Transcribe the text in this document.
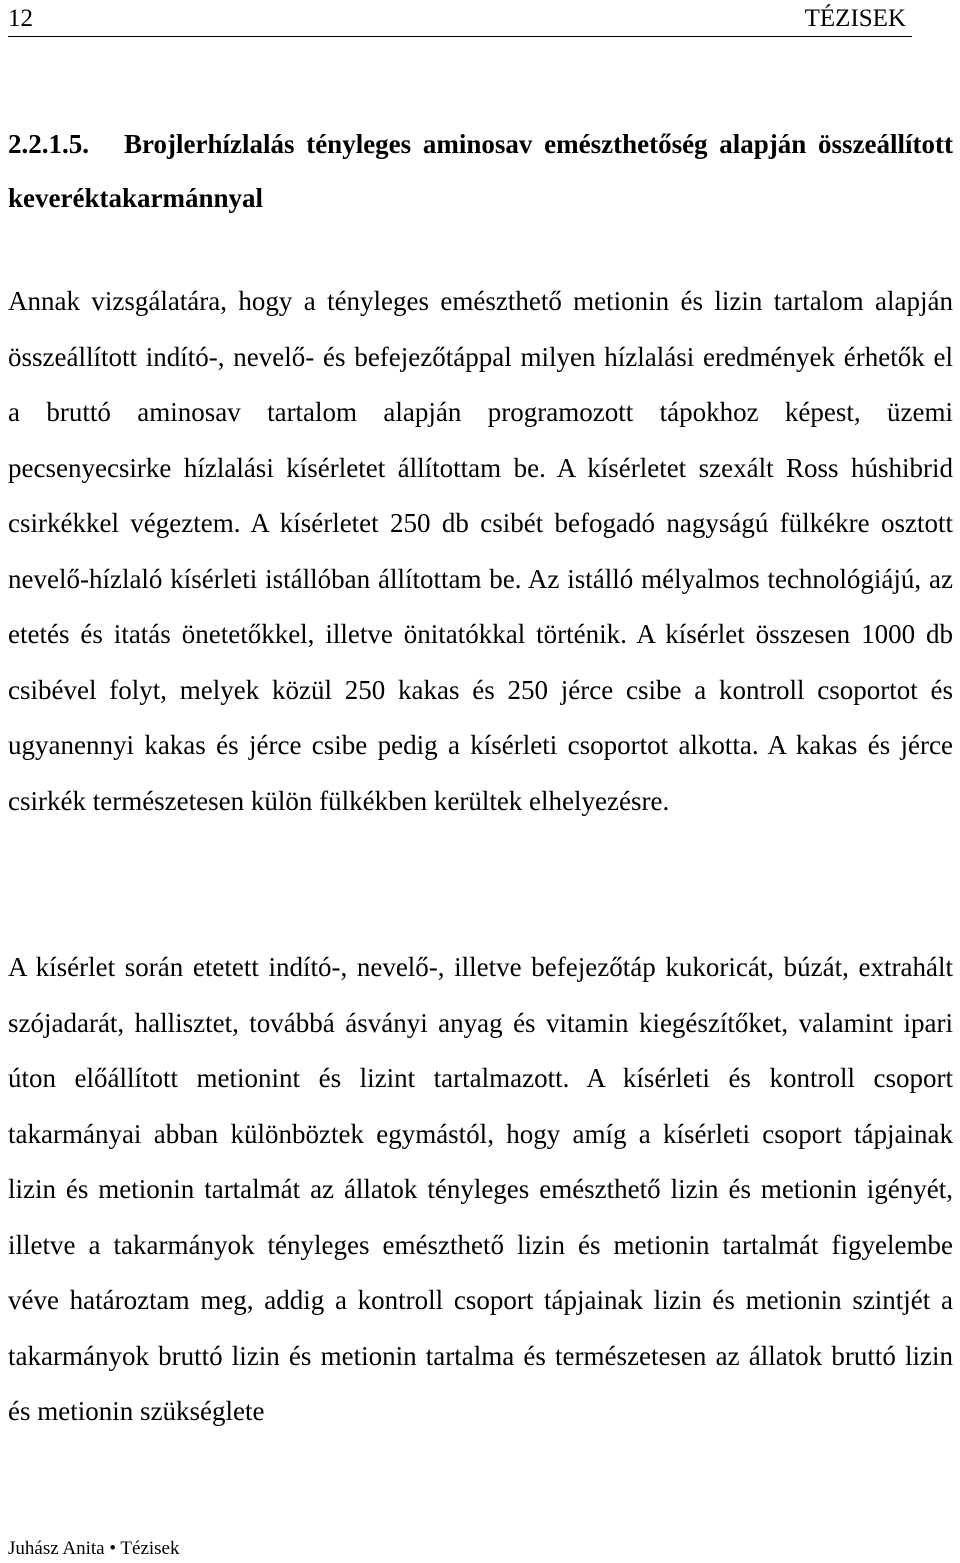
12	TÉZISEK
2.2.1.5. Brojlerhízlalás tényleges aminosav emészthetőség alapján összeállított keveréktakarmánnyal
Annak vizsgálatára, hogy a tényleges emészthető metionin és lizin tartalom alapján összeállított indító-, nevelő- és befejezőtáppal milyen hízlalási eredmények érhetők el a bruttó aminosav tartalom alapján programozott tápokhoz képest, üzemi pecsenyecsirke hízlalási kísérletet állítottam be. A kísérletet szexált Ross húshibrid csirkékkel végeztem. A kísérletet 250 db csibét befogadó nagyságú fülkékre osztott nevelő-hízlaló kísérleti istállóban állítottam be. Az istálló mélyalmos technológiájú, az etetés és itatás önetetőkkel, illetve önitatókkal történik. A kísérlet összesen 1000 db csibével folyt, melyek közül 250 kakas és 250 jérce csibe a kontroll csoportot és ugyanennyi kakas és jérce csibe pedig a kísérleti csoportot alkotta. A kakas és jérce csirkék természetesen külön fülkékben kerültek elhelyezésre.
A kísérlet során etetett indító-, nevelő-, illetve befejezőtáp kukoricát, búzát, extrahált szójadarát, hallisztet, továbbá ásványi anyag és vitamin kiegészítőket, valamint ipari úton előállított metionint és lizint tartalmazott. A kísérleti és kontroll csoport takarmányai abban különböztek egymástól, hogy amíg a kísérleti csoport tápjainak lizin és metionin tartalmát az állatok tényleges emészthető lizin és metionin igényét, illetve a takarmányok tényleges emészthető lizin és metionin tartalmát figyelembe véve határoztam meg, addig a kontroll csoport tápjainak lizin és metionin szintjét a takarmányok bruttó lizin és metionin tartalma és természetesen az állatok bruttó lizin és metionin szükséglete
Juhász Anita • Tézisek
